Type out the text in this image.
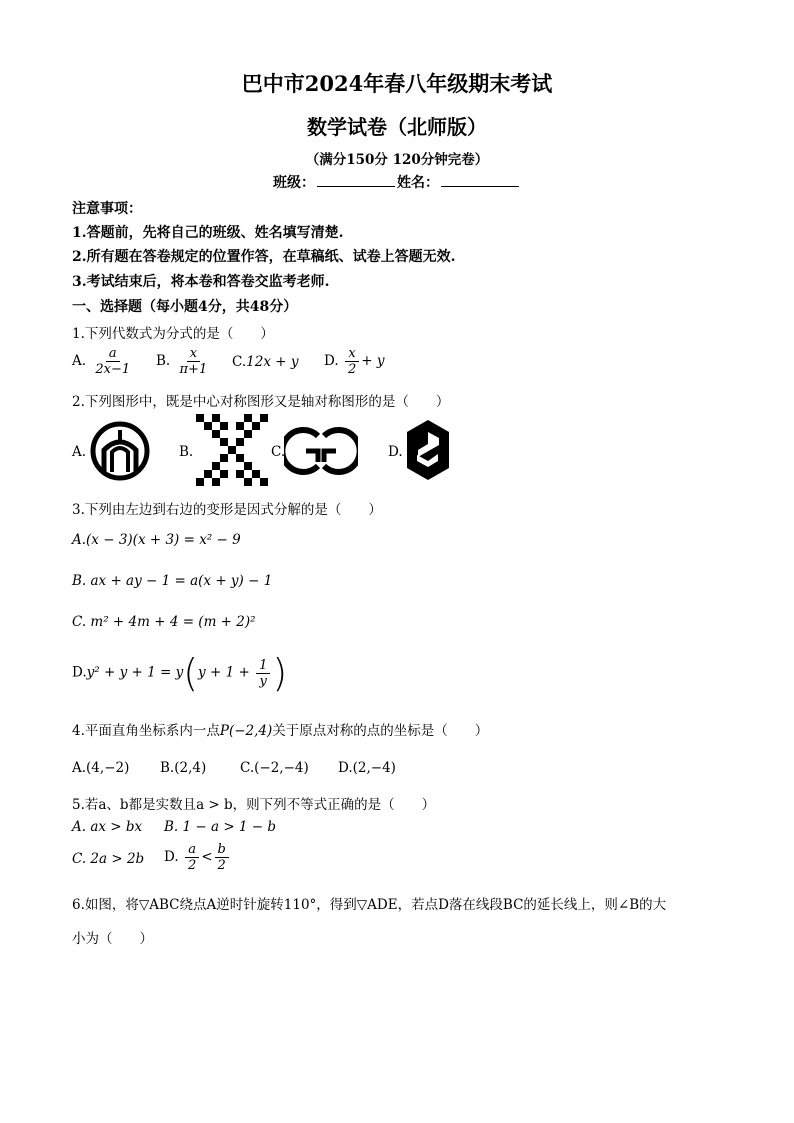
巴中市2024年春八年级期末考试
数学试卷（北师版）
（满分150分 120分钟完卷）
班级：	姓名：
注意事项：
1.答题前，先将自己的班级、姓名填写清楚.
2.所有题在答卷规定的位置作答，在草稿纸、试卷上答题无效.
3.考试结束后，将本卷和答卷交监考老师.
一、选择题（每小题4分，共48分）
1.下列代数式为分式的是（　　）
A. $\frac{a}{2x-1} B$. $\frac{x}{\pi+1} C.12x + y$ D. $\frac{x}{2} + y$
2.下列图形中，既是中心对称图形又是轴对称图形的是（　　）
A.	B.	C.	D.
3.下列由左边到右边的变形是因式分解的是（　　）
A.(x − 3)(x + 3) = x² − 9
B. ax + ay − 1 = a(x + y) − 1
C. m² + 4m + 4 = (m + 2)²
$D.y^2 + y + 1 = y(y + 1 + \frac{1}{y}$ )
4.平面直角坐标系内一点P(−2,4)关于原点对称的点的坐标是（　　）
A.(4,−2) B.(2,4)	C.(−2,−4) D.(2,−4)
5.若a、b都是实数且a > b，则下列不等式正确的是（　　）
A. ax > bx B. 1 − a > 1 − b
C. 2a > 2b D. $\frac{a}{2} < \frac{b}{2}$
6.如图，将▽ABC绕点A逆时针旋转110°，得到▽ADE，若点D落在线段BC的延长线上，则∠B的大
小为（　　）
